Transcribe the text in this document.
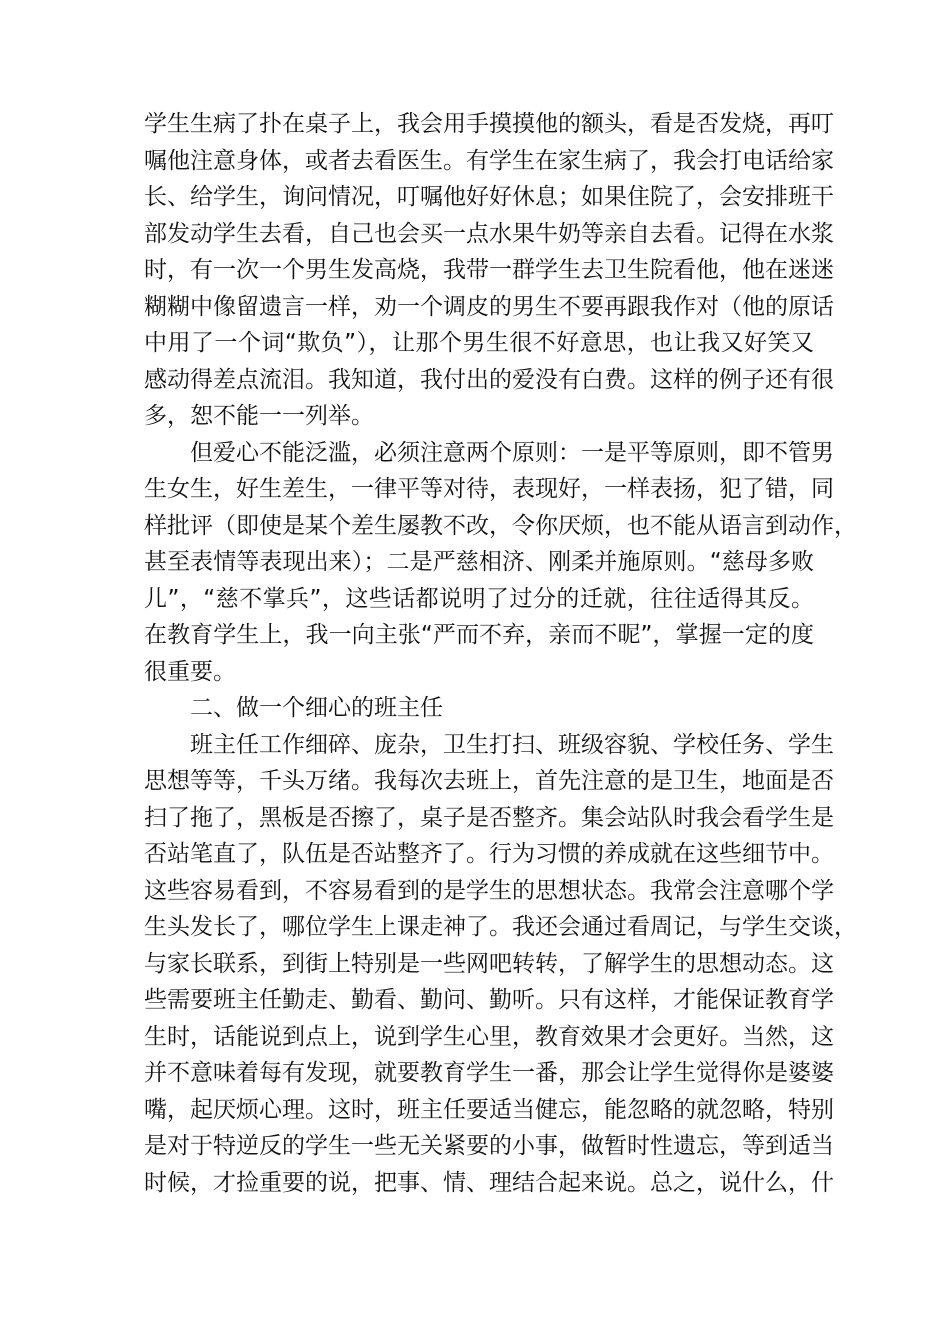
学生生病了扑在桌子上，我会用手摸摸他的额头，看是否发烧，再叮
嘱他注意身体，或者去看医生。有学生在家生病了，我会打电话给家
长、给学生，询问情况，叮嘱他好好休息；如果住院了，会安排班干
部发动学生去看，自己也会买一点水果牛奶等亲自去看。记得在水浆
时，有一次一个男生发高烧，我带一群学生去卫生院看他，他在迷迷
糊糊中像留遗言一样，劝一个调皮的男生不要再跟我作对（他的原话
中用了一个词“欺负”），让那个男生很不好意思，也让我又好笑又
感动得差点流泪。我知道，我付出的爱没有白费。这样的例子还有很
多，恕不能一一列举。
但爱心不能泛滥，必须注意两个原则：一是平等原则，即不管男
生女生，好生差生，一律平等对待，表现好，一样表扬，犯了错，同
样批评（即使是某个差生屡教不改，令你厌烦，也不能从语言到动作，
甚至表情等表现出来）；二是严慈相济、刚柔并施原则。“慈母多败
儿”，“慈不掌兵”，这些话都说明了过分的迁就，往往适得其反。
在教育学生上，我一向主张“严而不弃，亲而不昵”，掌握一定的度
很重要。
二、做一个细心的班主任
班主任工作细碎、庞杂，卫生打扫、班级容貌、学校任务、学生
思想等等，千头万绪。我每次去班上，首先注意的是卫生，地面是否
扫了拖了，黑板是否擦了，桌子是否整齐。集会站队时我会看学生是
否站笔直了，队伍是否站整齐了。行为习惯的养成就在这些细节中。
这些容易看到，不容易看到的是学生的思想状态。我常会注意哪个学
生头发长了，哪位学生上课走神了。我还会通过看周记，与学生交谈，
与家长联系，到街上特别是一些网吧转转，了解学生的思想动态。这
些需要班主任勤走、勤看、勤问、勤听。只有这样，才能保证教育学
生时，话能说到点上，说到学生心里，教育效果才会更好。当然，这
并不意味着每有发现，就要教育学生一番，那会让学生觉得你是婆婆
嘴，起厌烦心理。这时，班主任要适当健忘，能忽略的就忽略，特别
是对于特逆反的学生一些无关紧要的小事，做暂时性遗忘，等到适当
时候，才捡重要的说，把事、情、理结合起来说。总之，说什么，什
